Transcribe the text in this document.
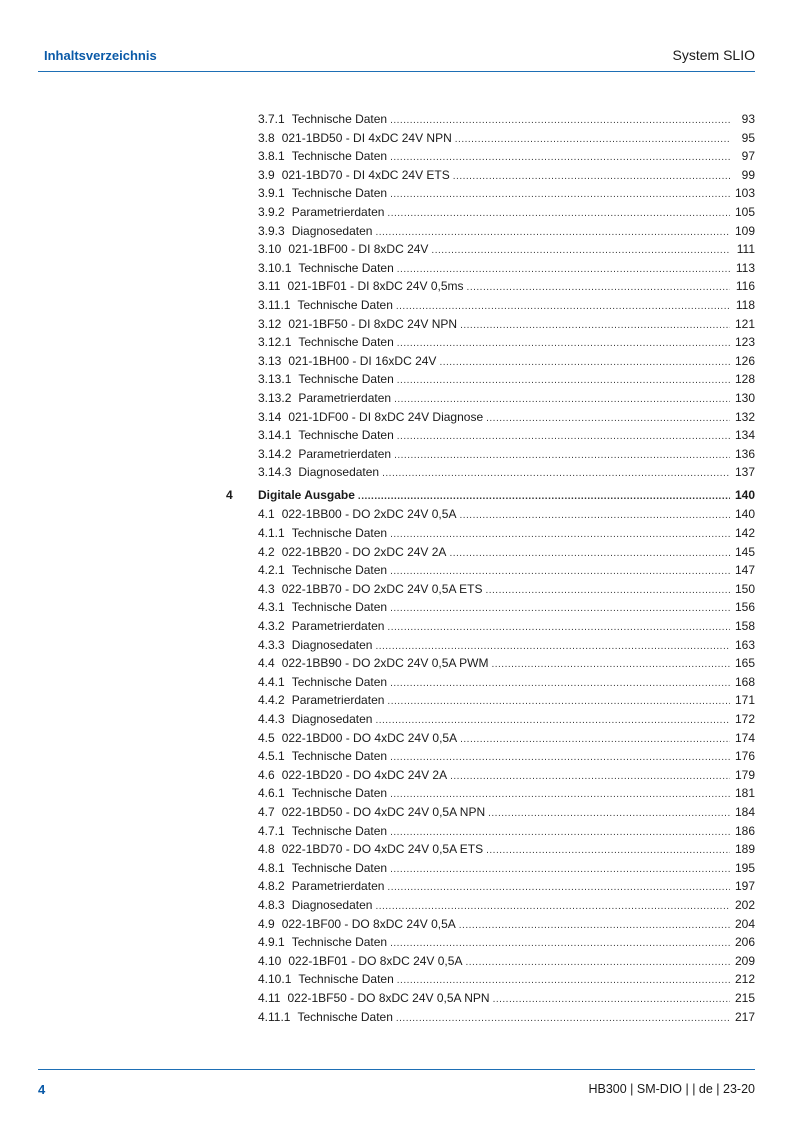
Inhaltsverzeichnis	System SLIO
3.7.1 Technische Daten .....	93
3.8 021-1BD50 - DI 4xDC 24V NPN .....	95
3.8.1 Technische Daten .....	97
3.9 021-1BD70 - DI 4xDC 24V ETS .....	99
3.9.1 Technische Daten .....	103
3.9.2 Parametrierdaten .....	105
3.9.3 Diagnosedaten .....	109
3.10 021-1BF00 - DI 8xDC 24V .....	111
3.10.1 Technische Daten .....	113
3.11 021-1BF01 - DI 8xDC 24V 0,5ms .....	116
3.11.1 Technische Daten .....	118
3.12 021-1BF50 - DI 8xDC 24V NPN .....	121
3.12.1 Technische Daten .....	123
3.13 021-1BH00 - DI 16xDC 24V .....	126
3.13.1 Technische Daten .....	128
3.13.2 Parametrierdaten .....	130
3.14 021-1DF00 - DI 8xDC 24V Diagnose .....	132
3.14.1 Technische Daten .....	134
3.14.2 Parametrierdaten .....	136
3.14.3 Diagnosedaten .....	137
4 Digitale Ausgabe .....	140
4.1 022-1BB00 - DO 2xDC 24V 0,5A .....	140
4.1.1 Technische Daten .....	142
4.2 022-1BB20 - DO 2xDC 24V 2A .....	145
4.2.1 Technische Daten .....	147
4.3 022-1BB70 - DO 2xDC 24V 0,5A ETS .....	150
4.3.1 Technische Daten .....	156
4.3.2 Parametrierdaten .....	158
4.3.3 Diagnosedaten .....	163
4.4 022-1BB90 - DO 2xDC 24V 0,5A PWM .....	165
4.4.1 Technische Daten .....	168
4.4.2 Parametrierdaten .....	171
4.4.3 Diagnosedaten .....	172
4.5 022-1BD00 - DO 4xDC 24V 0,5A .....	174
4.5.1 Technische Daten .....	176
4.6 022-1BD20 - DO 4xDC 24V 2A .....	179
4.6.1 Technische Daten .....	181
4.7 022-1BD50 - DO 4xDC 24V 0,5A NPN .....	184
4.7.1 Technische Daten .....	186
4.8 022-1BD70 - DO 4xDC 24V 0,5A ETS .....	189
4.8.1 Technische Daten .....	195
4.8.2 Parametrierdaten .....	197
4.8.3 Diagnosedaten .....	202
4.9 022-1BF00 - DO 8xDC 24V 0,5A .....	204
4.9.1 Technische Daten .....	206
4.10 022-1BF01 - DO 8xDC 24V 0,5A .....	209
4.10.1 Technische Daten .....	212
4.11 022-1BF50 - DO 8xDC 24V 0,5A NPN .....	215
4.11.1 Technische Daten .....	217
4	HB300 | SM-DIO | | de | 23-20
